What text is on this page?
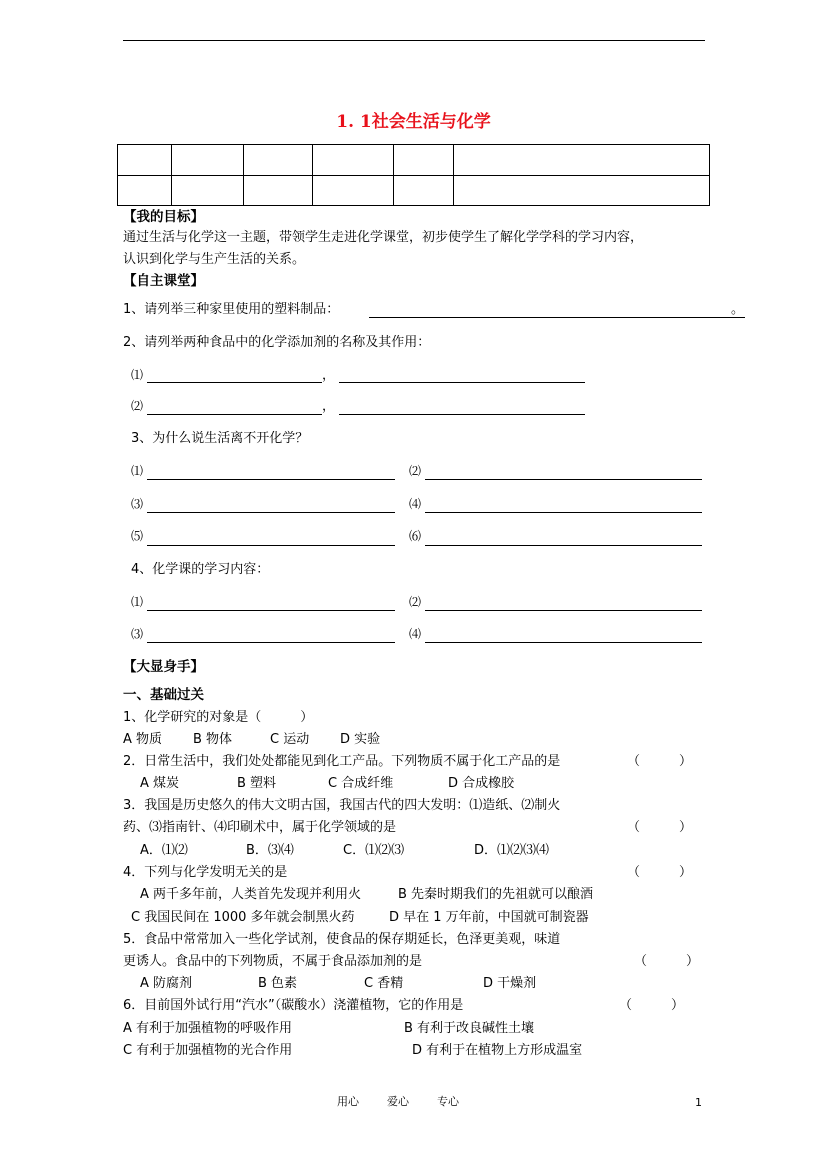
1. 1社会生活与化学

【我的目标】
通过生活与化学这一主题，带领学生走进化学课堂，初步使学生了解化学学科的学习内容，
认识到化学与生产生活的关系。
【自主课堂】
1、请列举三种家里使用的塑料制品：	。
2、请列举两种食品中的化学添加剂的名称及其作用：
⑴	，
⑵	，
3、为什么说生活离不开化学？
⑴	⑵
⑶	⑷
⑸	⑹
4、化学课的学习内容：
⑴	⑵
⑶	⑷
【大显身手】
一、基础过关
1、化学研究的对象是（　　　）
A 物质 B 物体	C 运动 D 实验
2．日常生活中，我们处处都能见到化工产品。下列物质不属于化工产品的是	（　　　）
A 煤炭	B 塑料	C 合成纤维	D 合成橡胶
3．我国是历史悠久的伟大文明古国，我国古代的四大发明：⑴造纸、⑵制火
药、⑶指南针、⑷印刷术中，属于化学领域的是	（　　　）
A．⑴⑵	B．⑶⑷	C．⑴⑵⑶	D．⑴⑵⑶⑷
4．下列与化学发明无关的是	（　　　）
A 两千多年前，人类首先发现并利用火	B 先秦时期我们的先祖就可以酿酒
C 我国民间在 1000 多年就会制黑火药	D 早在 1 万年前，中国就可制瓷器
5．食品中常常加入一些化学试剂，使食品的保存期延长，色泽更美观，味道
更诱人。食品中的下列物质，不属于食品添加剂的是	（　　　）
A 防腐剂	B 色素	C 香精	D 干燥剂
6．目前国外试行用“汽水”（碳酸水）浇灌植物，它的作用是	（　　　）
A 有利于加强植物的呼吸作用	B 有利于改良碱性土壤
C 有利于加强植物的光合作用	D 有利于在植物上方形成温室
用心	爱心	专心	1
